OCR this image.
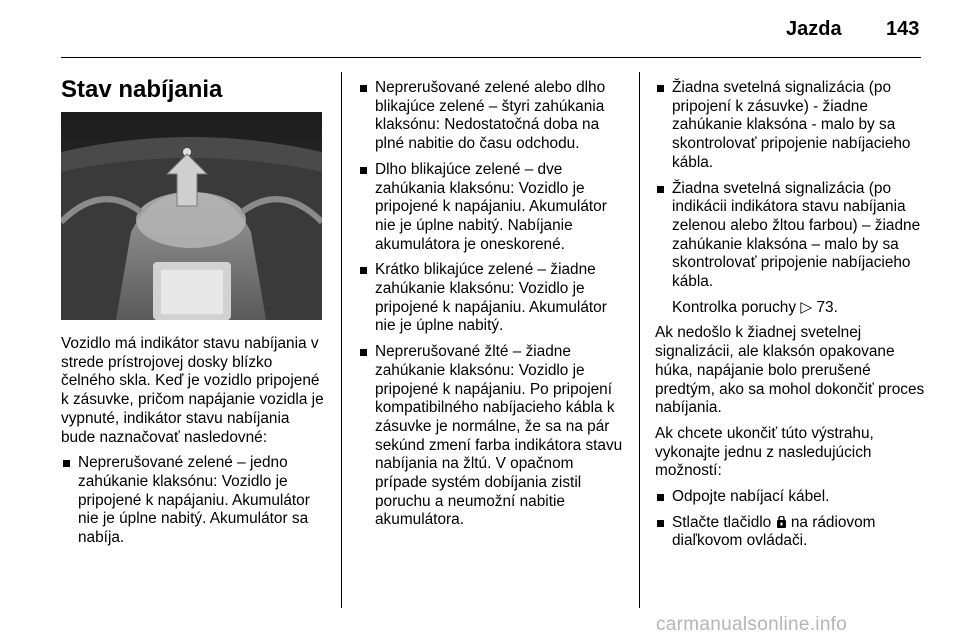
Jazda 143
Stav nabíjania

Vozidlo má indikátor stavu nabíjania v strede prístrojovej dosky blízko čelného skla. Keď je vozidlo pripojené k zásuvke, pričom napájanie vozidla je vypnuté, indikátor stavu nabíjania bude naznačovať nasledovné:

Neprerušované zelené – jedno zahúkanie klaksónu: Vozidlo je pripojené k napájaniu. Akumulátor nie je úplne nabitý. Akumulátor sa nabíja.
Neprerušované zelené alebo dlho blikajúce zelené – štyri zahúkania klaksónu: Nedostatočná doba na plné nabitie do času odchodu.
Dlho blikajúce zelené – dve zahúkania klaksónu: Vozidlo je pripojené k napájaniu. Akumulátor nie je úplne nabitý. Nabíjanie akumulátora je oneskorené.
Krátko blikajúce zelené – žiadne zahúkanie klaksónu: Vozidlo je pripojené k napájaniu. Akumulátor nie je úplne nabitý.
Neprerušované žlté – žiadne zahúkanie klaksónu: Vozidlo je pripojené k napájaniu. Po pripojení kompatibilného nabíjacieho kábla k zásuvke je normálne, že sa na pár sekúnd zmení farba indikátora stavu nabíjania na žltú. V opačnom prípade systém dobíjania zistil poruchu a neumožní nabitie akumulátora.
Žiadna svetelná signalizácia (po pripojení k zásuvke) - žiadne zahúkanie klaksóna - malo by sa skontrolovať pripojenie nabíjacieho kábla.
Žiadna svetelná signalizácia (po indikácii indikátora stavu nabíjania zelenou alebo žltou farbou) – žiadne zahúkanie klaksóna – malo by sa skontrolovať pripojenie nabíjacieho kábla.

Kontrolka poruchy ▷ 73.

Ak nedošlo k žiadnej svetelnej signalizácii, ale klaksón opakovane húka, napájanie bolo prerušené predtým, ako sa mohol dokončiť proces nabíjania.

Ak chcete ukončiť túto výstrahu, vykonajte jednu z nasledujúcich možností:

Odpojte nabíjací kábel.
Stlačte tlačidlo na rádiovom diaľkovom ovládači.
carmanualsonline.info
